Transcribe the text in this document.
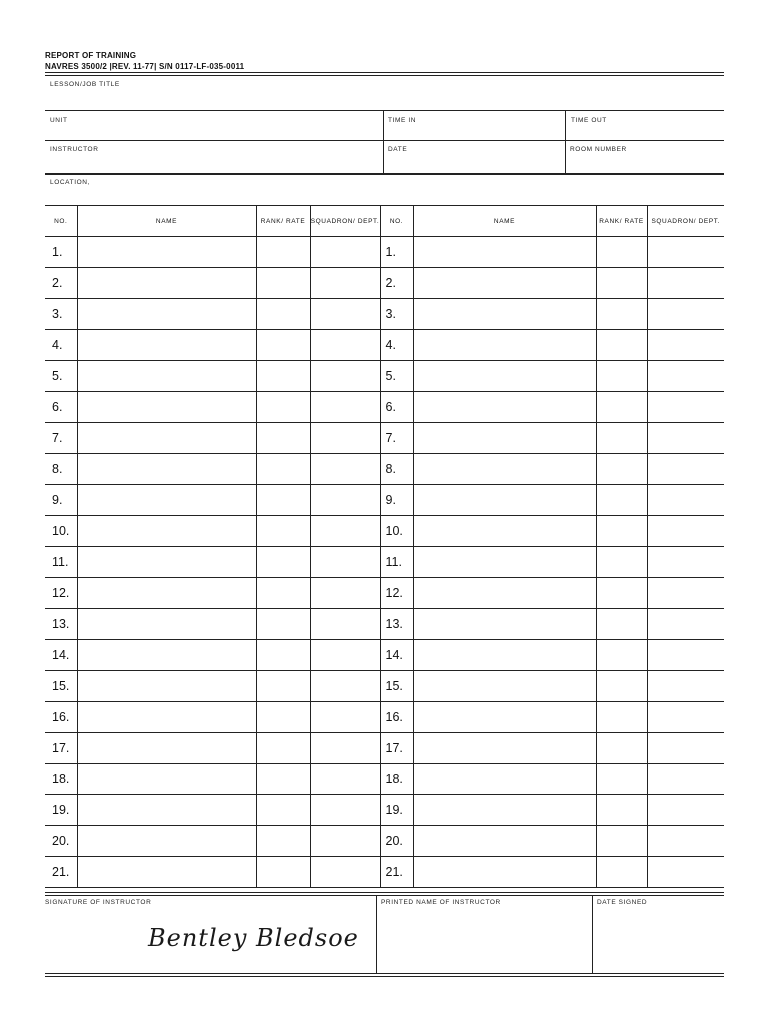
REPORT OF TRAINING
NAVRES 3500/2 |REV. 11-77| S/N 0117-LF-035-0011
LESSON/JOB TITLE
UNIT	TIME IN	TIME OUT
INSTRUCTOR	DATE	ROOM NUMBER
LOCATION,
NO.	NAME	RANK/ RATE	SQUADRON/ DEPT.	NO.	NAME	RANK/ RATE	SQUADRON/ DEPT.
1.				1.			
2.				2.			
3.				3.			
4.				4.			
5.				5.			
6.				6.			
7.				7.			
8.				8.			
9.				9.			
10.				10.			
11.				11.			
12.				12.			
13.				13.			
14.				14.			
15.				15.			
16.				16.			
17.				17.			
18.				18.			
19.				19.			
20.				20.			
21.				21.			
SIGNATURE OF INSTRUCTOR
Bentley Bledsoe
PRINTED NAME OF INSTRUCTOR	DATE SIGNED
